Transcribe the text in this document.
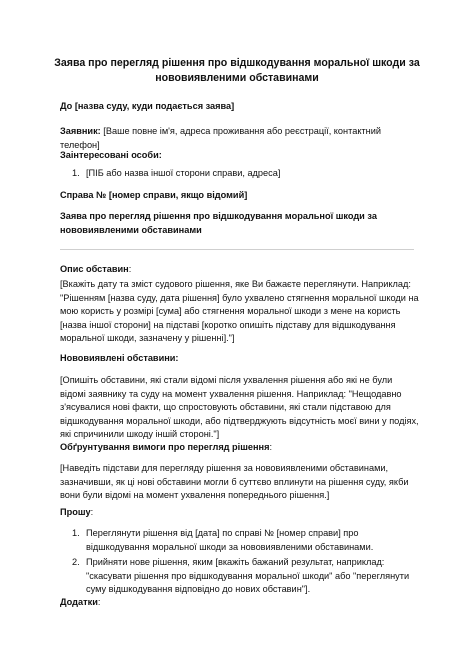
Заява про перегляд рішення про відшкодування моральної шкоди за нововиявленими обставинами
До [назва суду, куди подається заява]
Заявник: [Ваше повне ім'я, адреса проживання або реєстрації, контактний телефон]
Заінтересовані особи:
1. [ПІБ або назва іншої сторони справи, адреса]
Справа № [номер справи, якщо відомий]
Заява про перегляд рішення про відшкодування моральної шкоди за нововиявленими обставинами
Опис обставин:
[Вкажіть дату та зміст судового рішення, яке Ви бажаєте переглянути. Наприклад: "Рішенням [назва суду, дата рішення] було ухвалено стягнення моральної шкоди на мою користь у розмірі [сума] або стягнення моральної шкоди з мене на користь [назва іншої сторони] на підставі [коротко опишіть підставу для відшкодування моральної шкоди, зазначену у рішенні]."]
Нововиявлені обставини:
[Опишіть обставини, які стали відомі після ухвалення рішення або які не були відомі заявнику та суду на момент ухвалення рішення. Наприклад: "Нещодавно з'ясувалися нові факти, що спростовують обставини, які стали підставою для відшкодування моральної шкоди, або підтверджують відсутність моєї вини у подіях, які спричинили шкоду іншій стороні."]
Обґрунтування вимоги про перегляд рішення:
[Наведіть підстави для перегляду рішення за нововиявленими обставинами, зазначивши, як ці нові обставини могли б суттєво вплинути на рішення суду, якби вони були відомі на момент ухвалення попереднього рішення.]
Прошу:
1. Переглянути рішення від [дата] по справі № [номер справи] про відшкодування моральної шкоди за нововиявленими обставинами.
2. Прийняти нове рішення, яким [вкажіть бажаний результат, наприклад: "скасувати рішення про відшкодування моральної шкоди" або "переглянути суму відшкодування відповідно до нових обставин"].
Додатки:
